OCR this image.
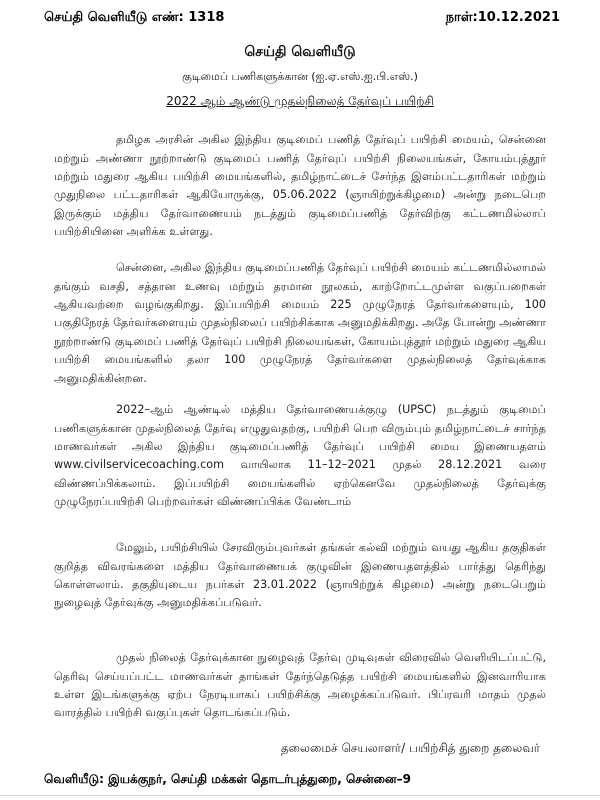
செய்தி வெளியீடு எண்: 1318	நாள்:10.12.2021
செய்தி வெளியீடு
குடிமைப் பணிகளுக்கான (ஐ.ஏ.எஸ்.ஐ.பி.எஸ்.)
2022 ஆம் ஆண்டு முதல்நிலைத் தேர்வுப் பயிற்சி

தமிழக அரசின் அகில இந்திய குடிமைப் பணித் தேர்வுப் பயிற்சி மையம், சென்னை மற்றும் அண்ணா நூற்றாண்டு குடிமைப் பணித் தேர்வுப் பயிற்சி நிலையங்கள், கோயம்புத்தூர் மற்றும் மதுரை ஆகிய பயிற்சி மையங்களில், தமிழ்நாட்டைச் சேர்ந்த இளம்பட்டதாரிகள் மற்றும் முதுநிலை பட்டதாரிகள் ஆகியோருக்கு, 05.06.2022 (ஞாயிற்றுக்கிழமை) அன்று நடைபெற இருக்கும் மத்திய தேர்வாணையம் நடத்தும் குடிமைப்பணித் தேர்விற்கு கட்டணமில்லாப் பயிற்சியினை அளிக்க உள்ளது.

சென்னை, அகில இந்திய குடிமைப்பணித் தேர்வுப் பயிற்சி மையம் கட்டணமில்லாமல் தங்கும் வசதி, சத்தான உணவு மற்றும் தரமான நூலகம், காற்றோட்டமுள்ள வகுப்பறைகள் ஆகியவற்றை வழங்குகிறது. இப்பயிற்சி மையம் 225 முழுநேரத் தேர்வர்களையும், 100 பகுதிநேரத் தேர்வர்களையும் முதல்நிலைப் பயிற்சிக்காக அனுமதிக்கிறது. அதே போன்று அண்ணா நூற்றாண்டு குடிமைப் பணித் தேர்வுப் பயிற்சி நிலையங்கள், கோயம்புத்தூர் மற்றும் மதுரை ஆகிய பயிற்சி மையங்களில் தலா 100 முழுநேரத் தேர்வர்களை முதல்நிலைத் தேர்வுக்காக அனுமதிக்கின்றன.

2022–ஆம் ஆண்டில் மத்திய தேர்வாணையக்குழு (UPSC) நடத்தும் குடிமைப் பணிகளுக்கான முதல்நிலைத் தேர்வு எழுதுவதற்கு, பயிற்சி பெற விரும்பும் தமிழ்நாட்டைச் சார்ந்த மாணவர்கள் அகில இந்திய குடிமைப்பணித் தேர்வுப் பயிற்சி மைய இணையதளம் www.civilservicecoaching.com வாயிலாக 11–12–2021 முதல் 28.12.2021 வரை விண்ணப்பிக்கலாம். இப்பயிற்சி மையங்களில் ஏற்கெனவே முதல்நிலைத் தேர்வுக்கு முழுநேரப்பயிற்சி பெற்றவர்கள் விண்ணப்பிக்க வேண்டாம்

மேலும், பயிற்சியில் சேரவிரும்புவர்கள் தங்கள் கல்வி மற்றும் வயது ஆகிய தகுதிகள் குறித்த விவரங்களை மத்திய தேர்வாணையக் குழுவின் இணையதளத்தில் பார்த்து தெரிந்து கொள்ளலாம். தகுதியுடைய நபர்கள் 23.01.2022 (ஞாயிற்றுக் கிழமை) அன்று நடைபெறும் நுழைவுத் தேர்வுக்கு அனுமதிக்கப்படுவர்.

முதல் நிலைத் தேர்வுக்கான நுழைவுத் தேர்வு முடிவுகள் விரைவில் வெளியிடப்பட்டு, தெரிவு செய்யப்பட்ட மாணவர்கள் தாங்கள் தேர்ந்தெடுத்த பயிற்சி மையங்களில் இனவாரியாக உள்ள இடங்களுக்கு ஏற்ப நேரடியாகப் பயிற்சிக்கு அழைக்கப்படுவர். பிப்ரவரி மாதம் முதல் வாரத்தில் பயிற்சி வகுப்புகள் தொடங்கப்படும்.

தலைமைச் செயலாளர்/ பயிற்சித் துறை தலைவர்
வெளியீடு: இயக்குநர், செய்தி மக்கள் தொடர்புத்துறை, சென்னை–9
